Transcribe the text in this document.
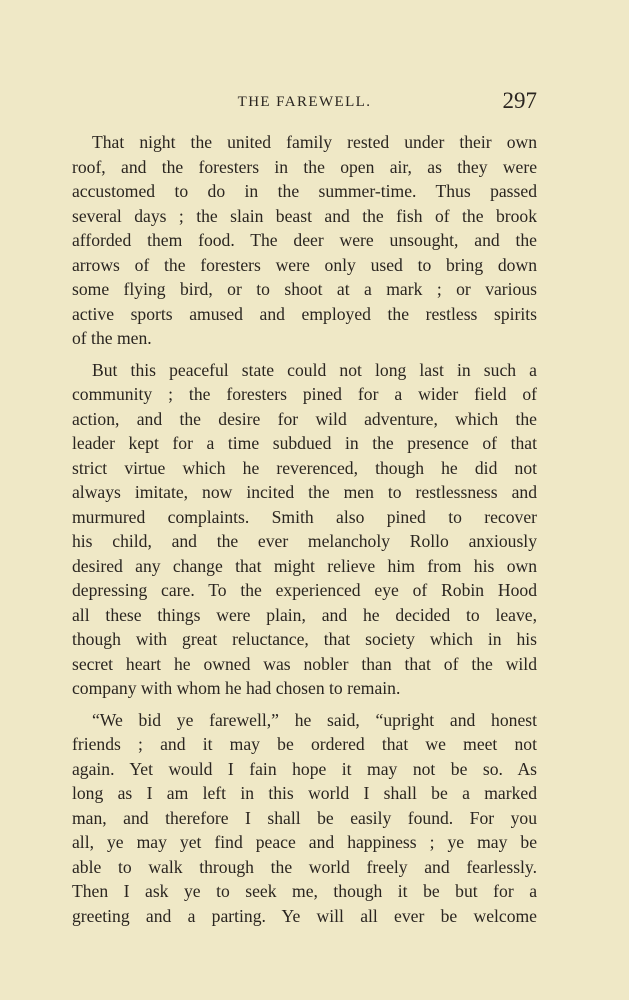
THE FAREWELL.	297

That night the united family rested under their own
roof, and the foresters in the open air, as they were
accustomed to do in the summer-time. Thus passed
several days ; the slain beast and the fish of the brook
afforded them food. The deer were unsought, and the
arrows of the foresters were only used to bring down
some flying bird, or to shoot at a mark ; or various
active sports amused and employed the restless spirits
of the men.

But this peaceful state could not long last in such a
community ; the foresters pined for a wider field of
action, and the desire for wild adventure, which the
leader kept for a time subdued in the presence of that
strict virtue which he reverenced, though he did not
always imitate, now incited the men to restlessness and
murmured complaints. Smith also pined to recover
his child, and the ever melancholy Rollo anxiously
desired any change that might relieve him from his own
depressing care. To the experienced eye of Robin Hood
all these things were plain, and he decided to leave,
though with great reluctance, that society which in his
secret heart he owned was nobler than that of the wild
company with whom he had chosen to remain.

“We bid ye farewell,” he said, “upright and honest
friends ; and it may be ordered that we meet not
again. Yet would I fain hope it may not be so. As
long as I am left in this world I shall be a marked
man, and therefore I shall be easily found. For you
all, ye may yet find peace and happiness ; ye may be
able to walk through the world freely and fearlessly.
Then I ask ye to seek me, though it be but for a
greeting and a parting. Ye will all ever be welcome
